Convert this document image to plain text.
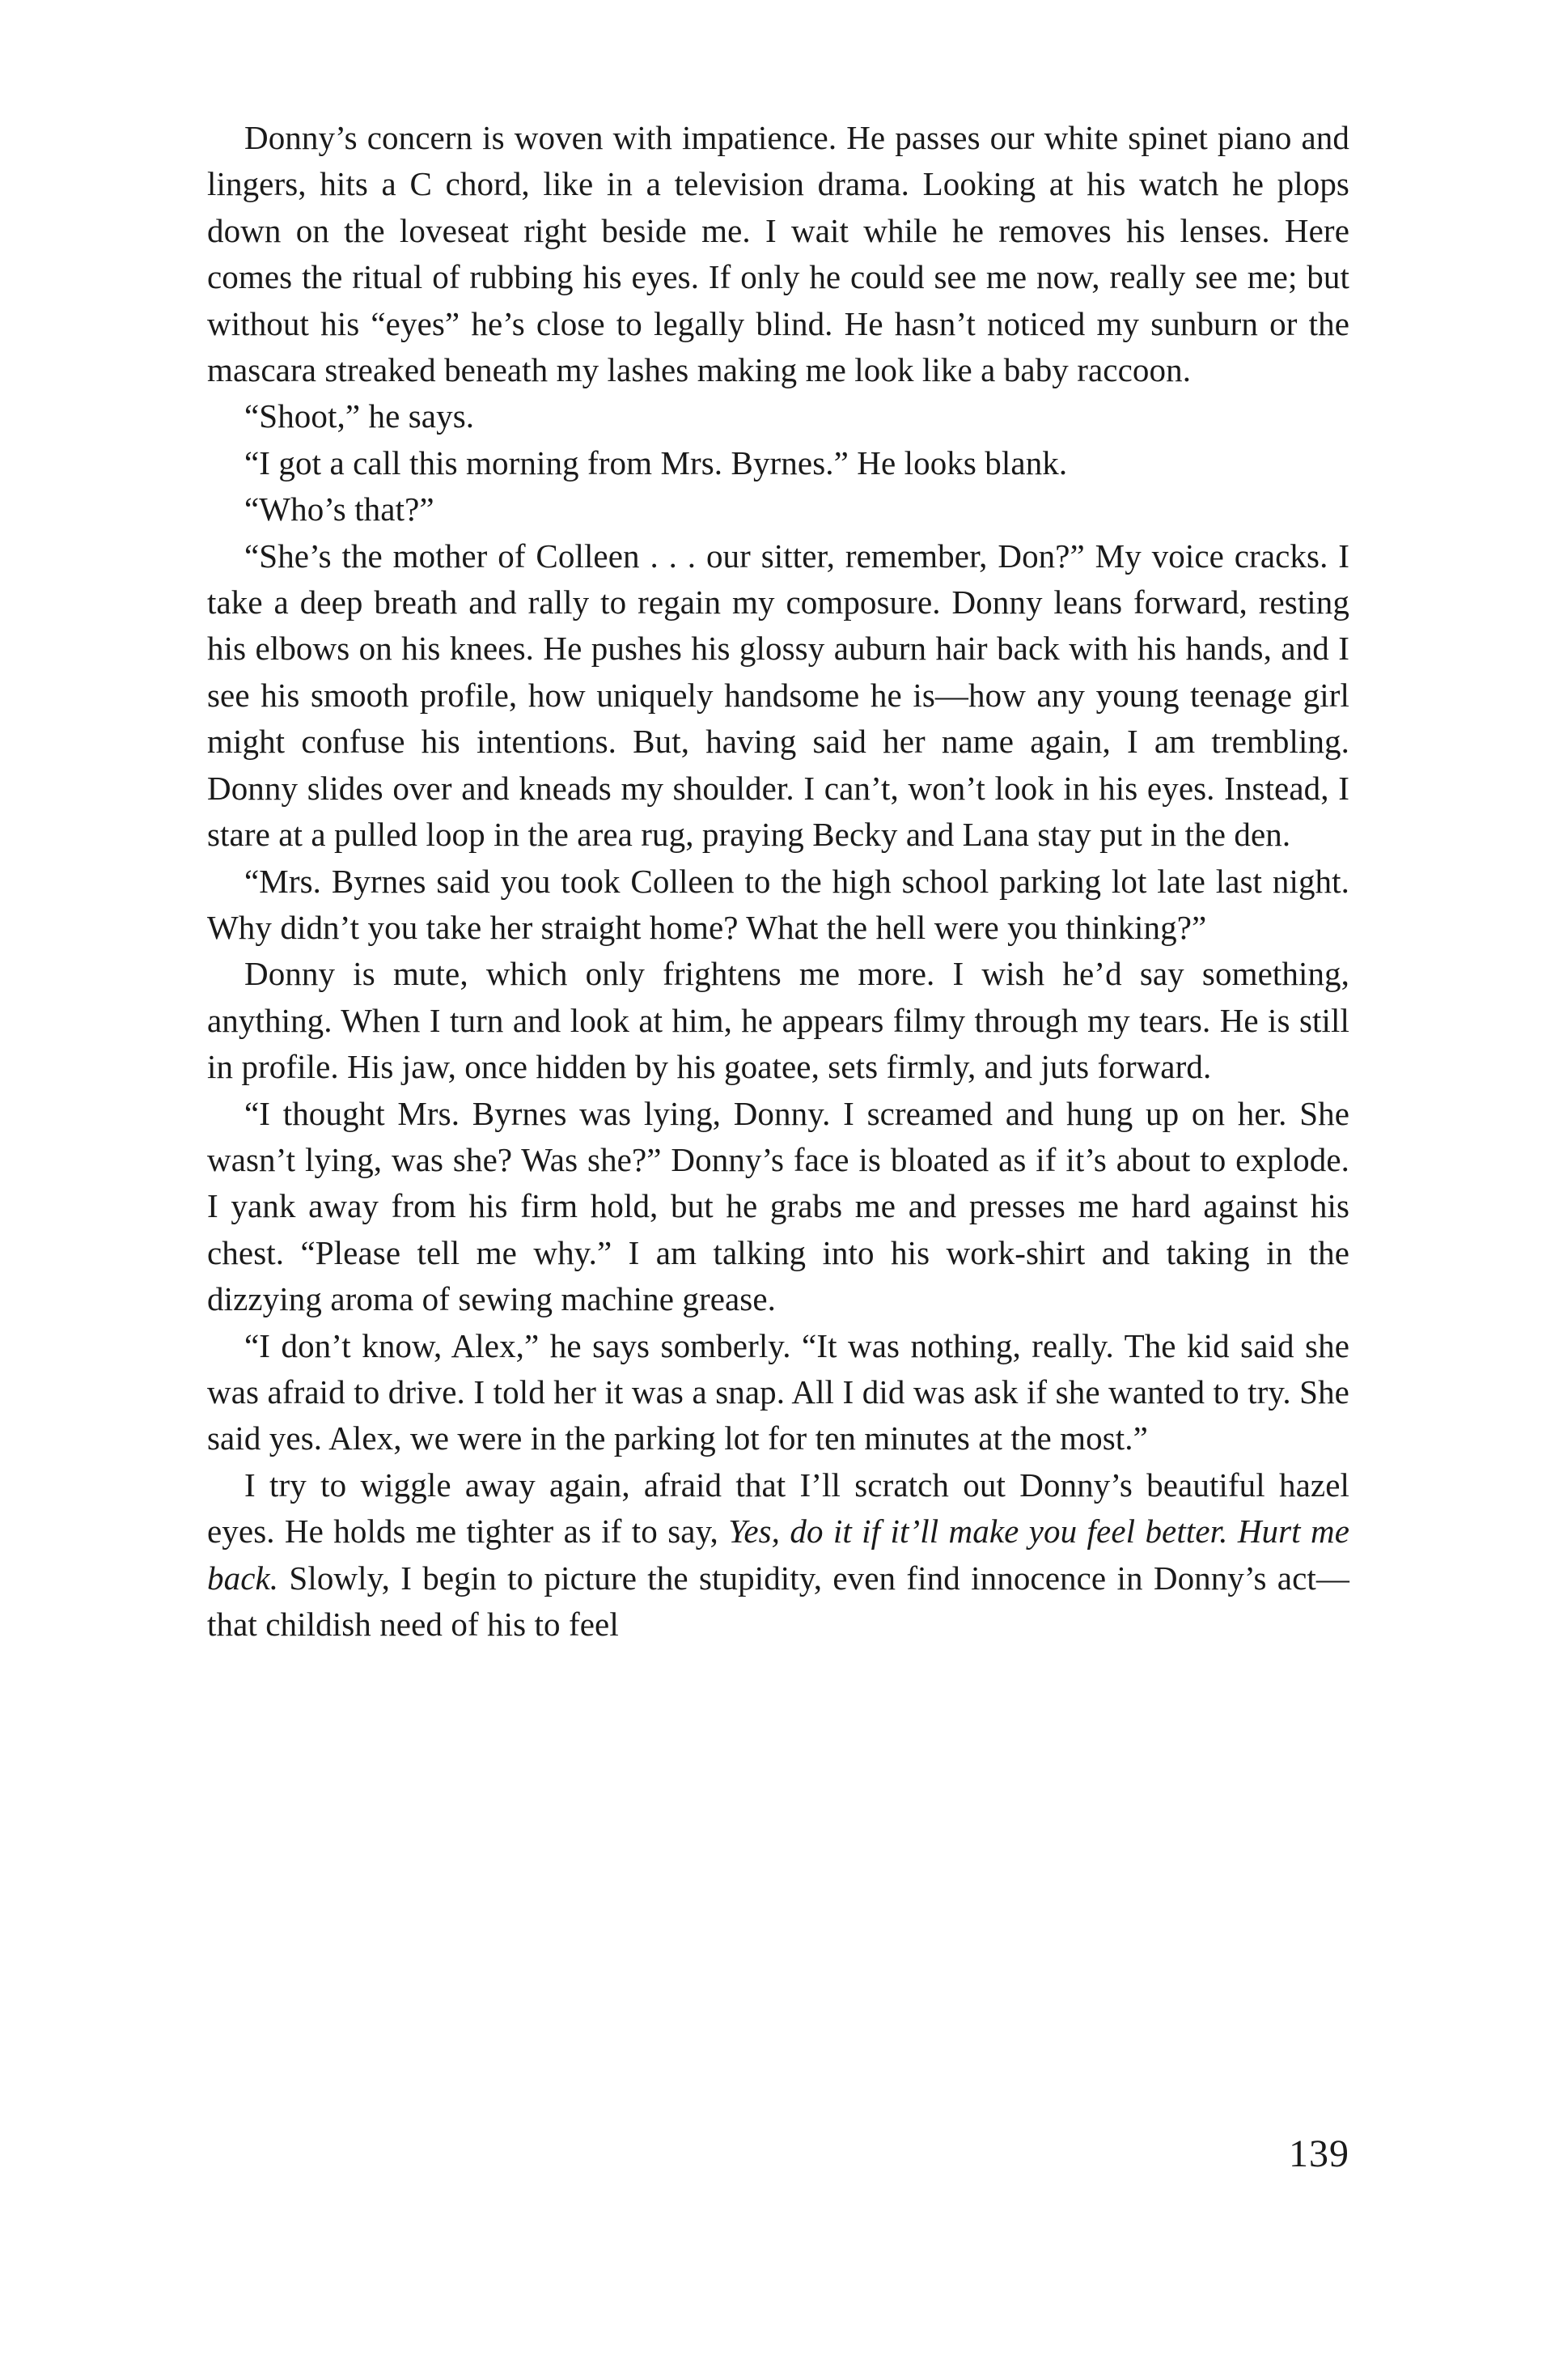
Donny’s concern is woven with impatience. He passes our white spinet piano and lingers, hits a C chord, like in a television drama. Looking at his watch he plops down on the loveseat right beside me. I wait while he removes his lenses. Here comes the ritual of rubbing his eyes. If only he could see me now, really see me; but without his “eyes” he’s close to legally blind. He hasn’t noticed my sunburn or the mascara streaked beneath my lashes making me look like a baby raccoon.

“Shoot,” he says.

“I got a call this morning from Mrs. Byrnes.” He looks blank.

“Who’s that?”

“She’s the mother of Colleen . . . our sitter, remember, Don?” My voice cracks. I take a deep breath and rally to regain my composure. Donny leans forward, resting his elbows on his knees. He pushes his glossy auburn hair back with his hands, and I see his smooth profile, how uniquely handsome he is—how any young teenage girl might confuse his intentions. But, having said her name again, I am trembling. Donny slides over and kneads my shoulder. I can’t, won’t look in his eyes. Instead, I stare at a pulled loop in the area rug, praying Becky and Lana stay put in the den.

“Mrs. Byrnes said you took Colleen to the high school parking lot late last night. Why didn’t you take her straight home? What the hell were you thinking?”

Donny is mute, which only frightens me more. I wish he’d say something, anything. When I turn and look at him, he appears filmy through my tears. He is still in profile. His jaw, once hidden by his goatee, sets firmly, and juts forward.

“I thought Mrs. Byrnes was lying, Donny. I screamed and hung up on her. She wasn’t lying, was she? Was she?” Donny’s face is bloated as if it’s about to explode. I yank away from his firm hold, but he grabs me and presses me hard against his chest. “Please tell me why.” I am talking into his work-shirt and taking in the dizzying aroma of sewing machine grease.

“I don’t know, Alex,” he says somberly. “It was nothing, really. The kid said she was afraid to drive. I told her it was a snap. All I did was ask if she wanted to try. She said yes. Alex, we were in the parking lot for ten minutes at the most.”

I try to wiggle away again, afraid that I’ll scratch out Donny’s beautiful hazel eyes. He holds me tighter as if to say, Yes, do it if it’ll make you feel better. Hurt me back. Slowly, I begin to picture the stupidity, even find innocence in Donny’s act—that childish need of his to feel

139
